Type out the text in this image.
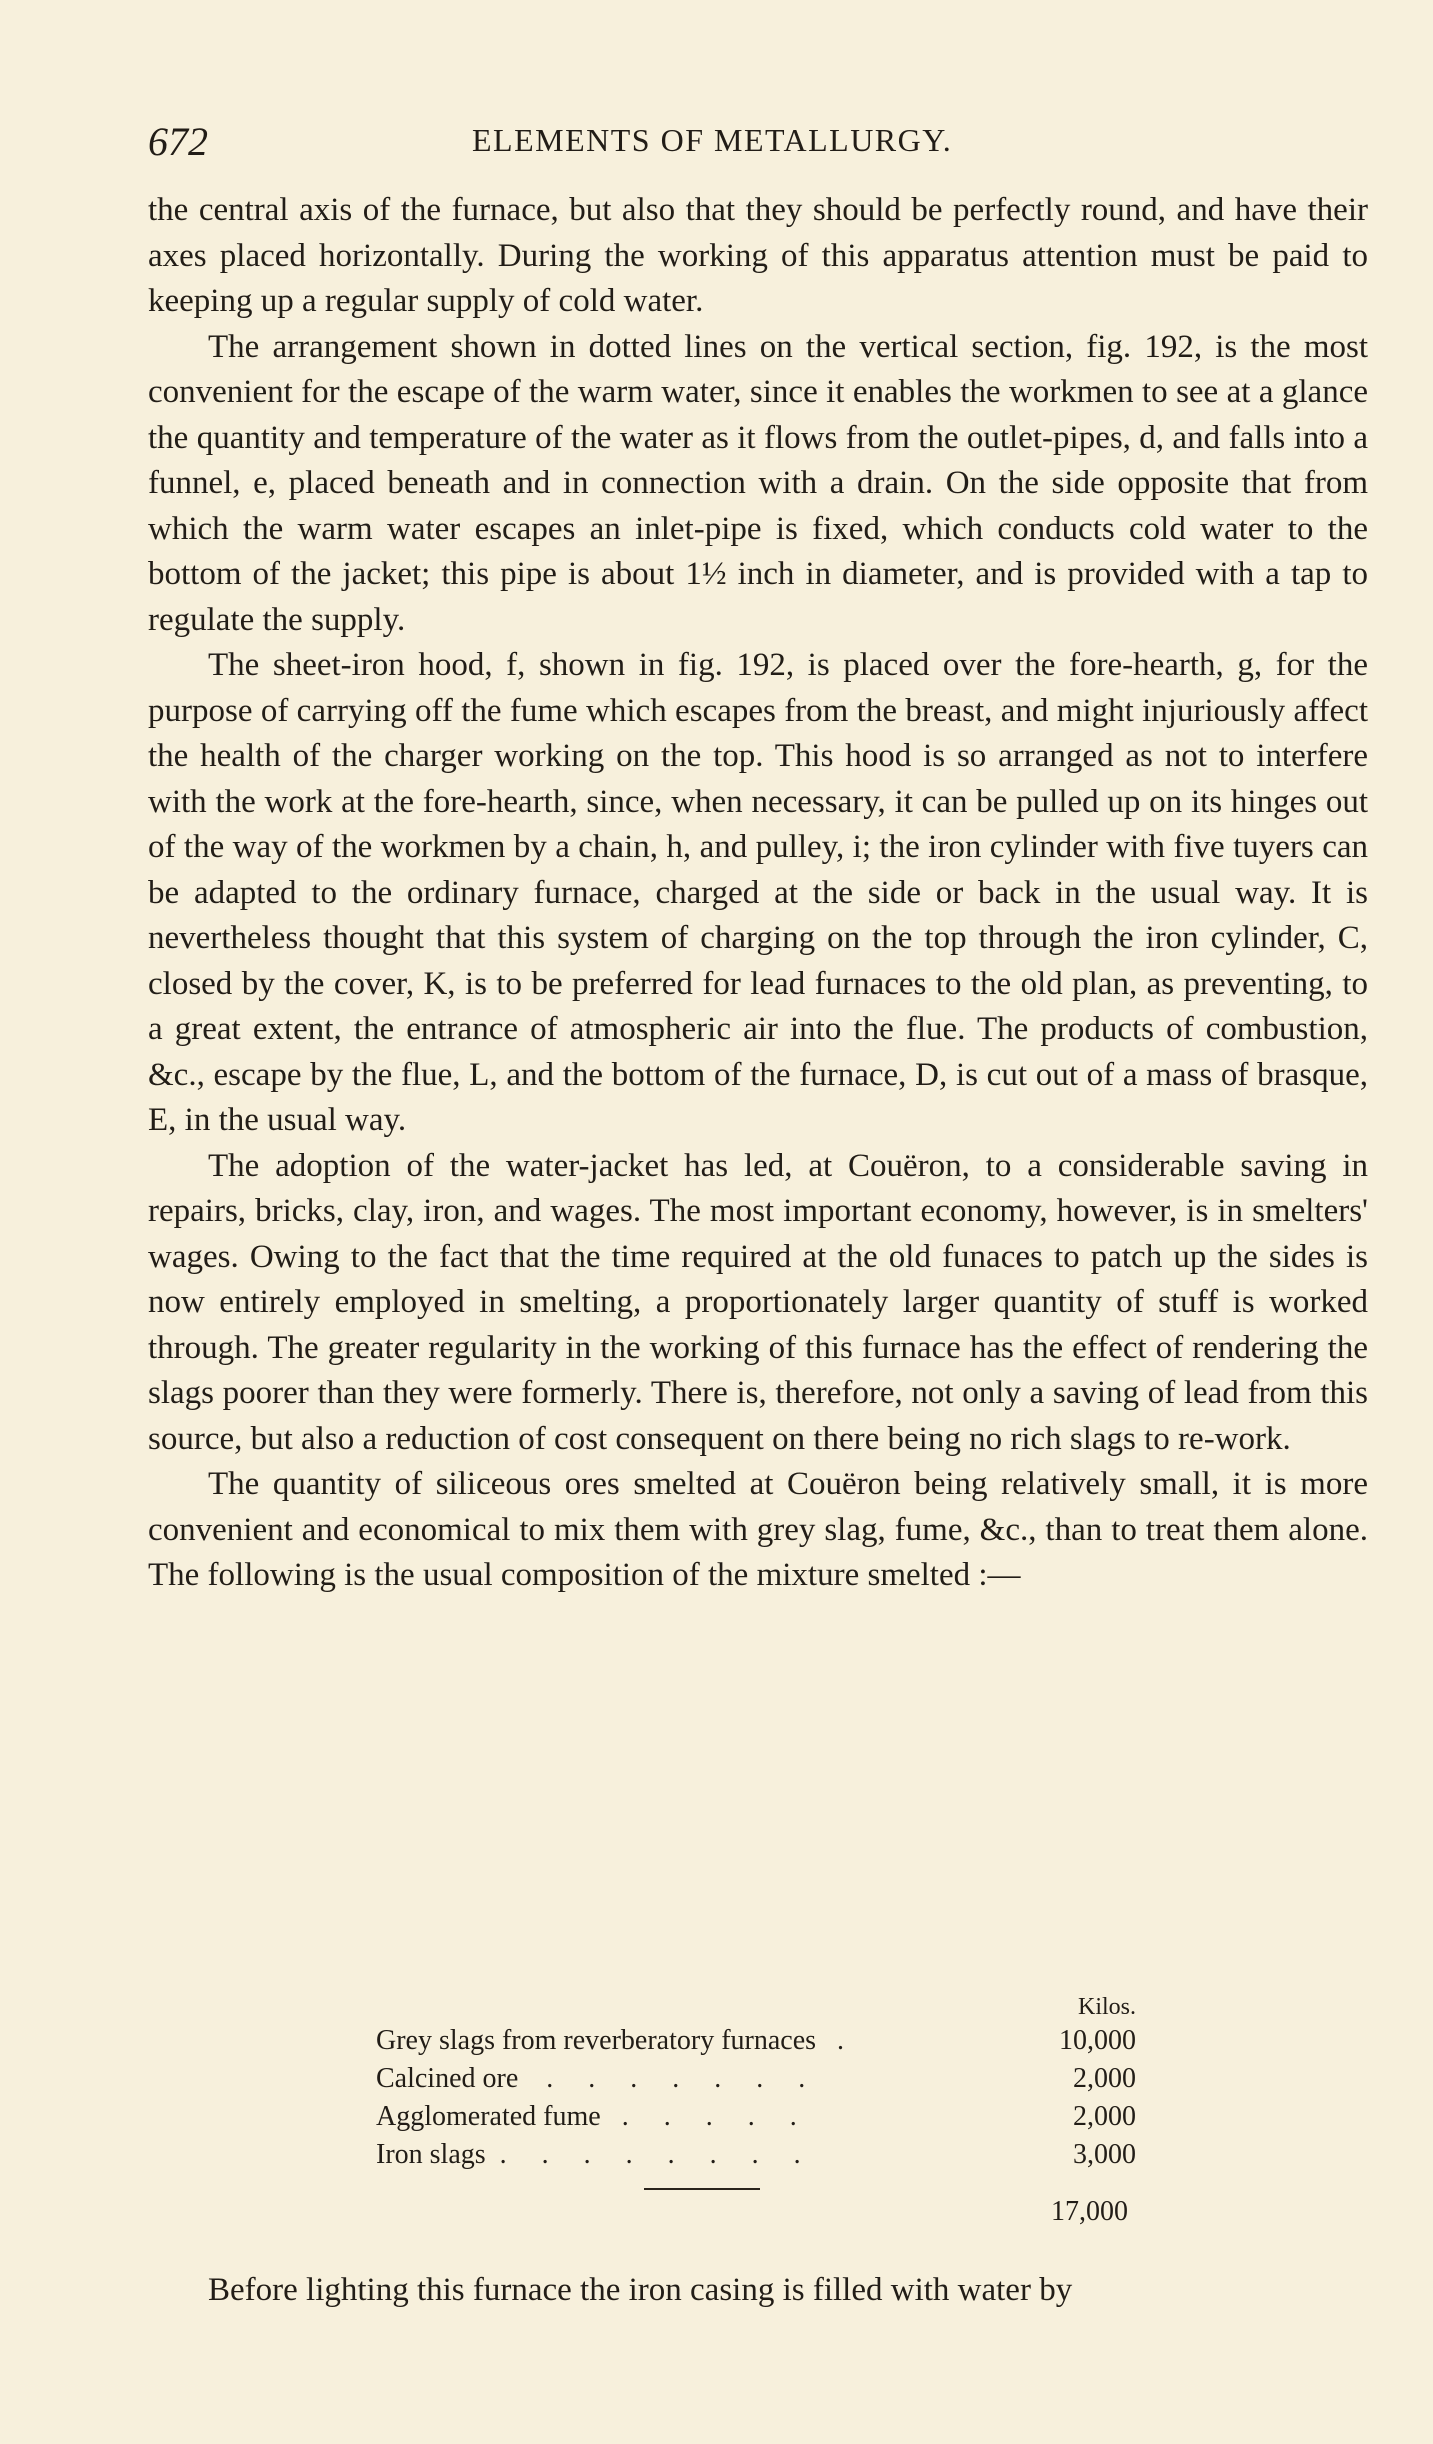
672	ELEMENTS OF METALLURGY.

the central axis of the furnace, but also that they should be perfectly round, and have their axes placed horizontally. During the working of this apparatus attention must be paid to keeping up a regular supply of cold water.

The arrangement shown in dotted lines on the vertical section, fig. 192, is the most convenient for the escape of the warm water, since it enables the workmen to see at a glance the quantity and temperature of the water as it flows from the outlet-pipes, d, and falls into a funnel, e, placed beneath and in connection with a drain. On the side opposite that from which the warm water escapes an inlet-pipe is fixed, which conducts cold water to the bottom of the jacket; this pipe is about 1½ inch in diameter, and is provided with a tap to regulate the supply.

The sheet-iron hood, f, shown in fig. 192, is placed over the fore-hearth, g, for the purpose of carrying off the fume which escapes from the breast, and might injuriously affect the health of the charger working on the top. This hood is so arranged as not to interfere with the work at the fore-hearth, since, when necessary, it can be pulled up on its hinges out of the way of the workmen by a chain, h, and pulley, i; the iron cylinder with five tuyers can be adapted to the ordinary furnace, charged at the side or back in the usual way. It is nevertheless thought that this system of charging on the top through the iron cylinder, C, closed by the cover, K, is to be preferred for lead furnaces to the old plan, as preventing, to a great extent, the entrance of atmospheric air into the flue. The products of combustion, &c., escape by the flue, L, and the bottom of the furnace, D, is cut out of a mass of brasque, E, in the usual way.

The adoption of the water-jacket has led, at Couëron, to a considerable saving in repairs, bricks, clay, iron, and wages. The most important economy, however, is in smelters' wages. Owing to the fact that the time required at the old funaces to patch up the sides is now entirely employed in smelting, a proportionately larger quantity of stuff is worked through. The greater regularity in the working of this furnace has the effect of rendering the slags poorer than they were formerly. There is, therefore, not only a saving of lead from this source, but also a reduction of cost consequent on there being no rich slags to re-work.

The quantity of siliceous ores smelted at Couëron being relatively small, it is more convenient and economical to mix them with grey slag, fume, &c., than to treat them alone. The following is the usual composition of the mixture smelted :—

Kilos.
Grey slags from reverberatory furnaces   .	10,000
Calcined ore    .     .     .     .     .     .     .	2,000
Agglomerated fume   .     .     .     .     .	2,000
Iron slags  .     .     .     .     .     .     .     .	3,000
17,000
Before lighting this furnace the iron casing is filled with water by
